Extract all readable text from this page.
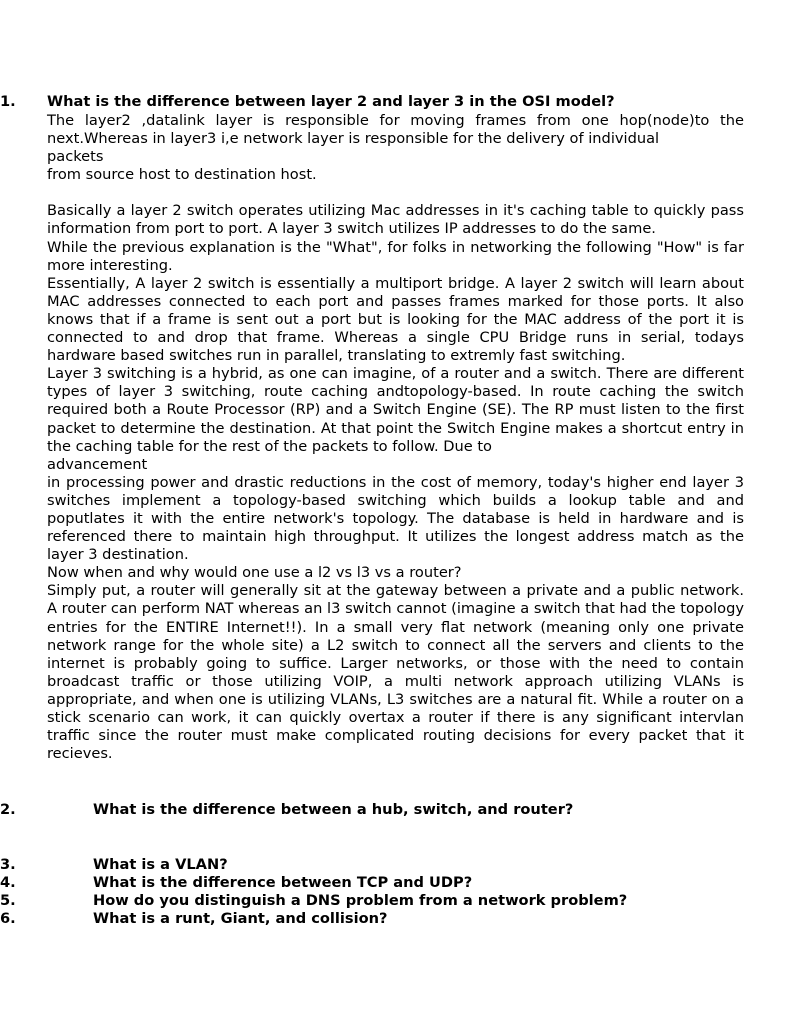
1. What is the difference between layer 2 and layer 3 in the OSI model?

The layer2 ,datalink layer is responsible for moving frames from one hop(node)to the next.Whereas in layer3 i,e network layer is responsible for the delivery of individual

packets

from source host to destination host.

Basically a layer 2 switch operates utilizing Mac addresses in it's caching table to quickly pass information from port to port. A layer 3 switch utilizes IP addresses to do the same.

While the previous explanation is the "What", for folks in networking the following "How" is far more interesting.

Essentially, A layer 2 switch is essentially a multiport bridge. A layer 2 switch will learn about MAC addresses connected to each port and passes frames marked for those ports. It also knows that if a frame is sent out a port but is looking for the MAC address of the port it is connected to and drop that frame. Whereas a single CPU Bridge runs in serial, todays hardware based switches run in parallel, translating to extremly fast switching.

Layer 3 switching is a hybrid, as one can imagine, of a router and a switch. There are different types of layer 3 switching, route caching andtopology-based. In route caching the switch required both a Route Processor (RP) and a Switch Engine (SE). The RP must listen to the first packet to determine the destination. At that point the Switch Engine makes a shortcut entry in the caching table for the rest of the packets to follow. Due to

advancement

in processing power and drastic reductions in the cost of memory, today's higher end layer 3 switches implement a topology-based switching which builds a lookup table and and poputlates it with the entire network's topology. The database is held in hardware and is referenced there to maintain high throughput. It utilizes the longest address match as the layer 3 destination.

Now when and why would one use a l2 vs l3 vs a router?

Simply put, a router will generally sit at the gateway between a private and a public network. A router can perform NAT whereas an l3 switch cannot (imagine a switch that had the topology entries for the ENTIRE Internet!!). In a small very flat network (meaning only one private network range for the whole site) a L2 switch to connect all the servers and clients to the internet is probably going to suffice. Larger networks, or those with the need to contain broadcast traffic or those utilizing VOIP, a multi network approach utilizing VLANs is appropriate, and when one is utilizing VLANs, L3 switches are a natural fit. While a router on a stick scenario can work, it can quickly overtax a router if there is any significant intervlan traffic since the router must make complicated routing decisions for every packet that it recieves.

2.	What is the difference between a hub, switch, and router?
3.	What is a VLAN?
4.	What is the difference between TCP and UDP?
5.	How do you distinguish a DNS problem from a network problem?
6.	What is a runt, Giant, and collision?
